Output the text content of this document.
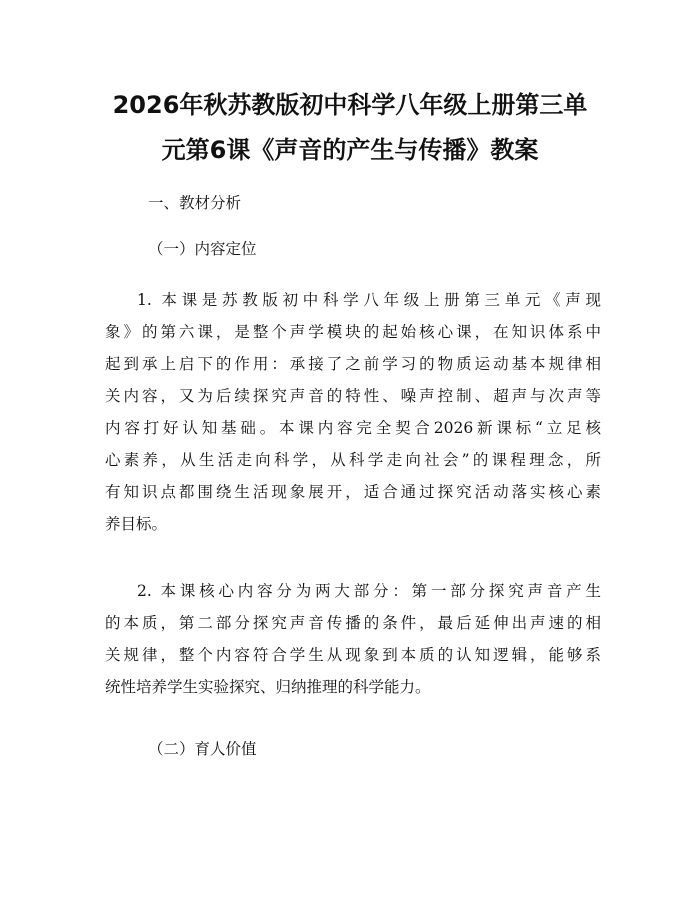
2026年秋苏教版初中科学八年级上册第三单
元第6课《声音的产生与传播》教案

一、教材分析

（一）内容定位

1. 本课是苏教版初中科学八年级上册第三单元《声现
象》的第六课，是整个声学模块的起始核心课，在知识体系中
起到承上启下的作用：承接了之前学习的物质运动基本规律相
关内容，又为后续探究声音的特性、噪声控制、超声与次声等
内容打好认知基础。本课内容完全契合2026新课标“立足核
心素养，从生活走向科学，从科学走向社会”的课程理念，所
有知识点都围绕生活现象展开，适合通过探究活动落实核心素
养目标。
2. 本课核心内容分为两大部分：第一部分探究声音产生
的本质，第二部分探究声音传播的条件，最后延伸出声速的相
关规律，整个内容符合学生从现象到本质的认知逻辑，能够系
统性培养学生实验探究、归纳推理的科学能力。

（二）育人价值
